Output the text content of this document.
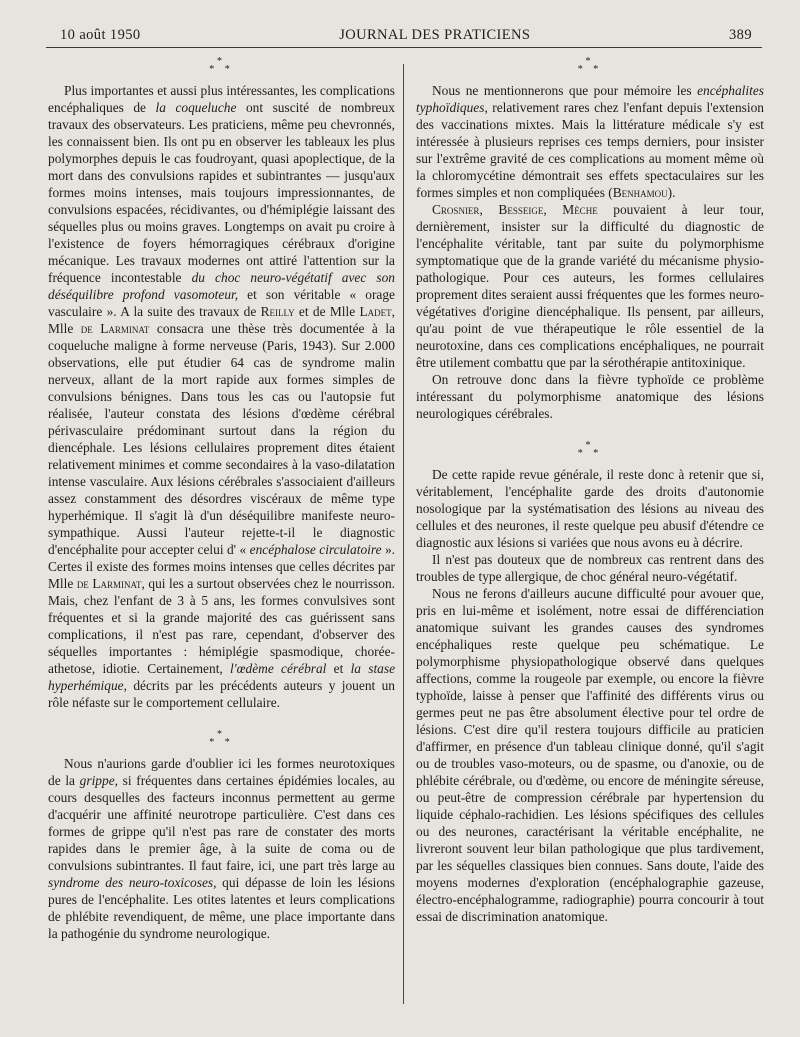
10 août 1950	JOURNAL DES PRATICIENS	389
*
* *

Plus importantes et aussi plus intéressantes, les complications encéphaliques de la coqueluche ont suscité de nombreux travaux des observateurs. Les praticiens, même peu chevronnés, les connaissent bien. Ils ont pu en observer les tableaux les plus polymorphes depuis le cas foudroyant, quasi apoplectique, de la mort dans des convulsions rapides et subintrantes — jusqu'aux formes moins intenses, mais toujours impressionnantes, de convulsions espacées, récidivantes, ou d'hémiplégie laissant des séquelles plus ou moins graves. Longtemps on avait pu croire à l'existence de foyers hémorragiques cérébraux d'origine mécanique. Les travaux modernes ont attiré l'attention sur la fréquence incontestable du choc neuro-végétatif avec son déséquilibre profond vasomoteur, et son véritable « orage vasculaire ». A la suite des travaux de Reilly et de Mlle Ladet, Mlle de Larminat consacra une thèse très documentée à la coqueluche maligne à forme nerveuse (Paris, 1943). Sur 2.000 observations, elle put étudier 64 cas de syndrome malin nerveux, allant de la mort rapide aux formes simples de convulsions bénignes. Dans tous les cas ou l'autopsie fut réalisée, l'auteur constata des lésions d'œdème cérébral périvasculaire prédominant surtout dans la région du diencéphale. Les lésions cellulaires proprement dites étaient relativement minimes et comme secondaires à la vaso-dilatation intense vasculaire. Aux lésions cérébrales s'associaient d'ailleurs assez constamment des désordres viscéraux de même type hyperhémique. Il s'agit là d'un déséquilibre manifeste neuro-sympathique. Aussi l'auteur rejette-t-il le diagnostic d'encéphalite pour accepter celui d' « encéphalose circulatoire ». Certes il existe des formes moins intenses que celles décrites par Mlle de Larminat, qui les a surtout observées chez le nourrisson. Mais, chez l'enfant de 3 à 5 ans, les formes convulsives sont fréquentes et si la grande majorité des cas guérissent sans complications, il n'est pas rare, cependant, d'observer des séquelles importantes : hémiplégie spasmodique, chorée-athetose, idiotie. Certainement, l'œdème cérébral et la stase hyperhémique, décrits par les précédents auteurs y jouent un rôle néfaste sur le comportement cellulaire.

*
* *

Nous n'aurions garde d'oublier ici les formes neurotoxiques de la grippe, si fréquentes dans certaines épidémies locales, au cours desquelles des facteurs inconnus permettent au germe d'acquérir une affinité neurotrope particulière. C'est dans ces formes de grippe qu'il n'est pas rare de constater des morts rapides dans le premier âge, à la suite de coma ou de convulsions subintrantes. Il faut faire, ici, une part très large au syndrome des neuro-toxicoses, qui dépasse de loin les lésions pures de l'encéphalite. Les otites latentes et leurs complications de phlébite revendiquent, de même, une place importante dans la pathogénie du syndrome neurologique.

*
* *

Nous ne mentionnerons que pour mémoire les encéphalites typhoïdiques, relativement rares chez l'enfant depuis l'extension des vaccinations mixtes. Mais la littérature médicale s'y est intéressée à plusieurs reprises ces temps derniers, pour insister sur l'extrême gravité de ces complications au moment même où la chloromycétine démontrait ses effets spectaculaires sur les formes simples et non compliquées (Benhamou).

Crosnier, Besseige, Mèche pouvaient à leur tour, dernièrement, insister sur la difficulté du diagnostic de l'encéphalite véritable, tant par suite du polymorphisme symptomatique que de la grande variété du mécanisme physio-pathologique. Pour ces auteurs, les formes cellulaires proprement dites seraient aussi fréquentes que les formes neuro-végétatives d'origine diencéphalique. Ils pensent, par ailleurs, qu'au point de vue thérapeutique le rôle essentiel de la neurotoxine, dans ces complications encéphaliques, ne pourrait être utilement combattu que par la sérothérapie antitoxinique.

On retrouve donc dans la fièvre typhoïde ce problème intéressant du polymorphisme anatomique des lésions neurologiques cérébrales.

*
* *

De cette rapide revue générale, il reste donc à retenir que si, véritablement, l'encéphalite garde des droits d'autonomie nosologique par la systématisation des lésions au niveau des cellules et des neurones, il reste quelque peu abusif d'étendre ce diagnostic aux lésions si variées que nous avons eu à décrire.

Il n'est pas douteux que de nombreux cas rentrent dans des troubles de type allergique, de choc général neuro-végétatif.

Nous ne ferons d'ailleurs aucune difficulté pour avouer que, pris en lui-même et isolément, notre essai de différenciation anatomique suivant les grandes causes des syndromes encéphaliques reste quelque peu schématique. Le polymorphisme physiopathologique observé dans quelques affections, comme la rougeole par exemple, ou encore la fièvre typhoïde, laisse à penser que l'affinité des différents virus ou germes peut ne pas être absolument élective pour tel ordre de lésions. C'est dire qu'il restera toujours difficile au praticien d'affirmer, en présence d'un tableau clinique donné, qu'il s'agit ou de troubles vaso-moteurs, ou de spasme, ou d'anoxie, ou de phlébite cérébrale, ou d'œdème, ou encore de méningite séreuse, ou peut-être de compression cérébrale par hypertension du liquide céphalo-rachidien. Les lésions spécifiques des cellules ou des neurones, caractérisant la véritable encéphalite, ne livreront souvent leur bilan pathologique que plus tardivement, par les séquelles classiques bien connues. Sans doute, l'aide des moyens modernes d'exploration (encéphalographie gazeuse, électro-encéphalogramme, radiographie) pourra concourir à tout essai de discrimination anatomique.
